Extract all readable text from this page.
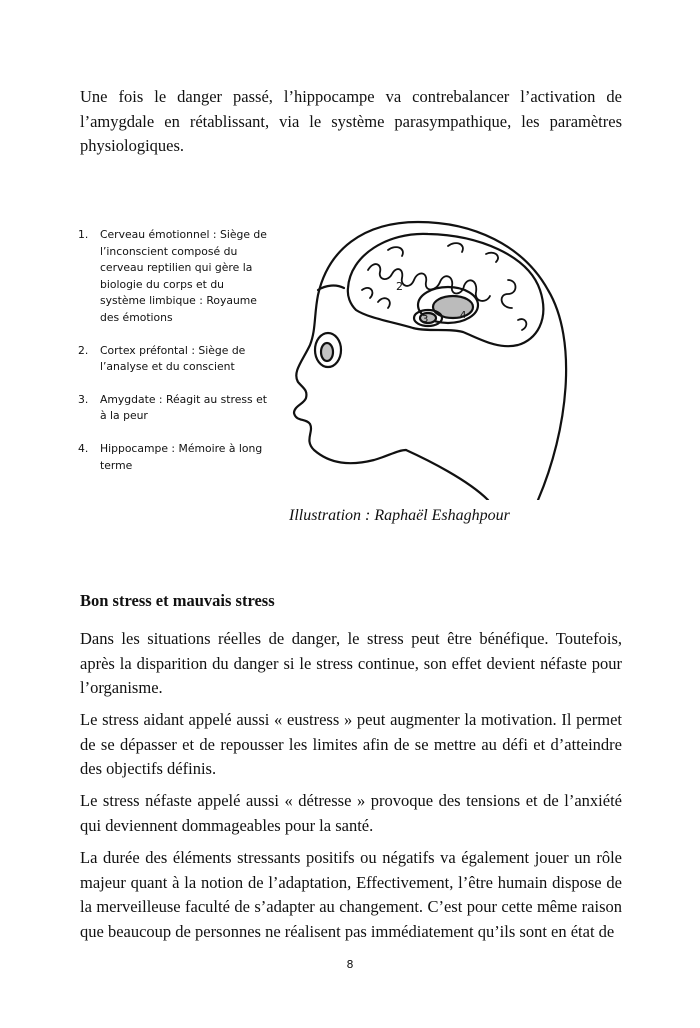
Une fois le danger passé, l’hippocampe va contrebalancer l’activation de l’amygdale en rétablissant, via le système parasympathique, les paramètres physiologiques.

1. Cerveau émotionnel : Siège de l’inconscient composé du cerveau reptilien qui gère la biologie du corps et du système limbique : Royaume des émotions
2. Cortex préfontal : Siège de l’analyse et du conscient
3. Amygdate : Réagit au stress et à la peur
4. Hippocampe : Mémoire à long terme
2
3	4
Illustration : Raphaël Eshaghpour
Bon stress et mauvais stress

Dans les situations réelles de danger, le stress peut être bénéfique. Toutefois, après la disparition du danger si le stress continue, son effet devient néfaste pour l’organisme.

Le stress aidant appelé aussi « eustress » peut augmenter la motivation. Il permet de se dépasser et de repousser les limites afin de se mettre au défi et d’atteindre des objectifs définis.

Le stress néfaste appelé aussi « détresse » provoque des tensions et de l’anxiété qui deviennent dommageables pour la santé.

La durée des éléments stressants positifs ou négatifs va également jouer un rôle majeur quant à la notion de l’adaptation, Effectivement, l’être humain dispose de la merveilleuse faculté de s’adapter au changement. C’est pour cette même raison que beaucoup de personnes ne réalisent pas immédiatement qu’ils sont en état de

8
